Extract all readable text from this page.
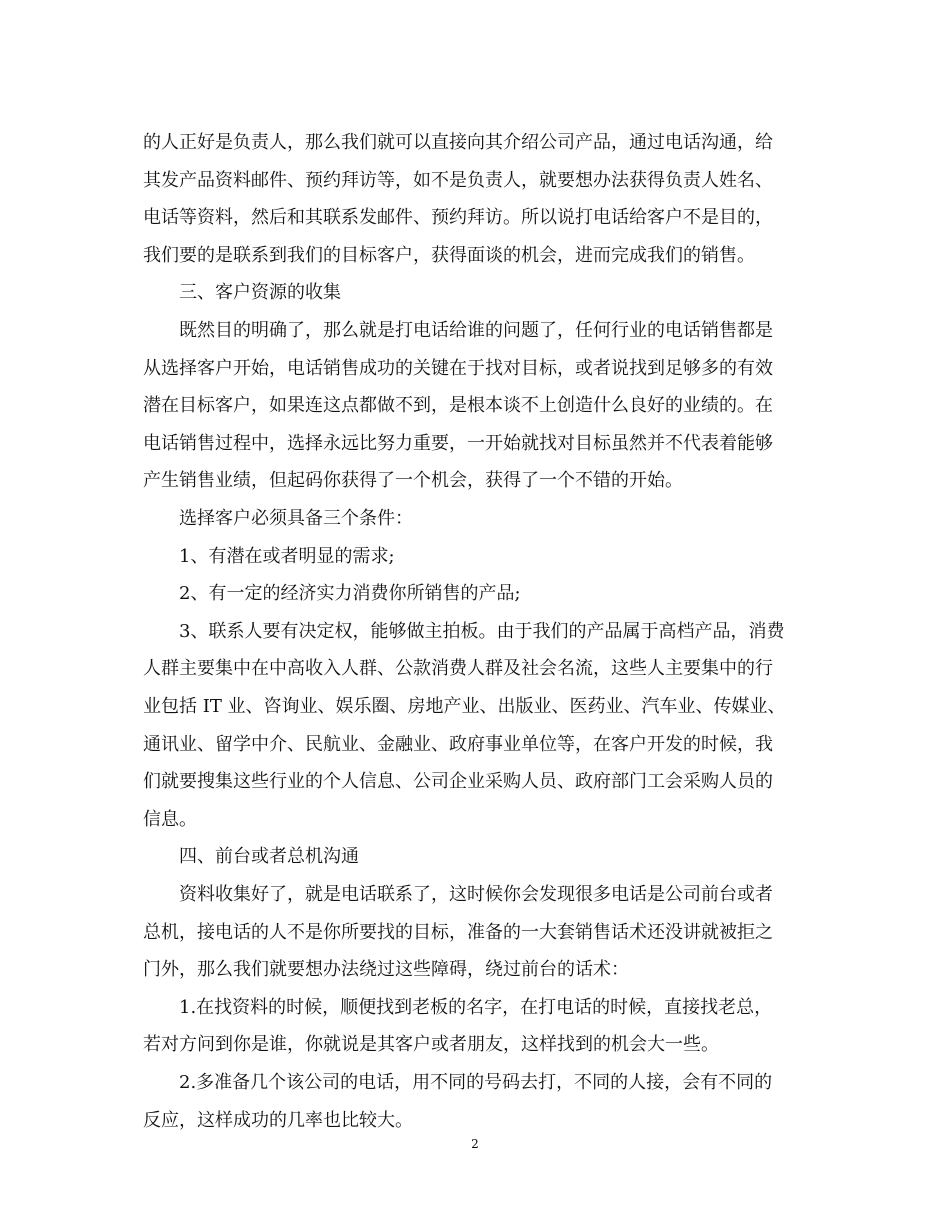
的人正好是负责人，那么我们就可以直接向其介绍公司产品，通过电话沟通，给
其发产品资料邮件、预约拜访等，如不是负责人，就要想办法获得负责人姓名、
电话等资料，然后和其联系发邮件、预约拜访。所以说打电话给客户不是目的，
我们要的是联系到我们的目标客户，获得面谈的机会，进而完成我们的销售。
三、客户资源的收集
既然目的明确了，那么就是打电话给谁的问题了，任何行业的电话销售都是
从选择客户开始，电话销售成功的关键在于找对目标，或者说找到足够多的有效
潜在目标客户，如果连这点都做不到，是根本谈不上创造什么良好的业绩的。在
电话销售过程中，选择永远比努力重要，一开始就找对目标虽然并不代表着能够
产生销售业绩，但起码你获得了一个机会，获得了一个不错的开始。
选择客户必须具备三个条件：
1、有潜在或者明显的需求;
2、有一定的经济实力消费你所销售的产品;
3、联系人要有决定权，能够做主拍板。由于我们的产品属于高档产品，消费
人群主要集中在中高收入人群、公款消费人群及社会名流，这些人主要集中的行
业包括 IT 业、咨询业、娱乐圈、房地产业、出版业、医药业、汽车业、传媒业、
通讯业、留学中介、民航业、金融业、政府事业单位等，在客户开发的时候，我
们就要搜集这些行业的个人信息、公司企业采购人员、政府部门工会采购人员的
信息。
四、前台或者总机沟通
资料收集好了，就是电话联系了，这时候你会发现很多电话是公司前台或者
总机，接电话的人不是你所要找的目标，准备的一大套销售话术还没讲就被拒之
门外，那么我们就要想办法绕过这些障碍，绕过前台的话术：
1.在找资料的时候，顺便找到老板的名字，在打电话的时候，直接找老总，
若对方问到你是谁，你就说是其客户或者朋友，这样找到的机会大一些。
2.多准备几个该公司的电话，用不同的号码去打，不同的人接，会有不同的
反应，这样成功的几率也比较大。
2
